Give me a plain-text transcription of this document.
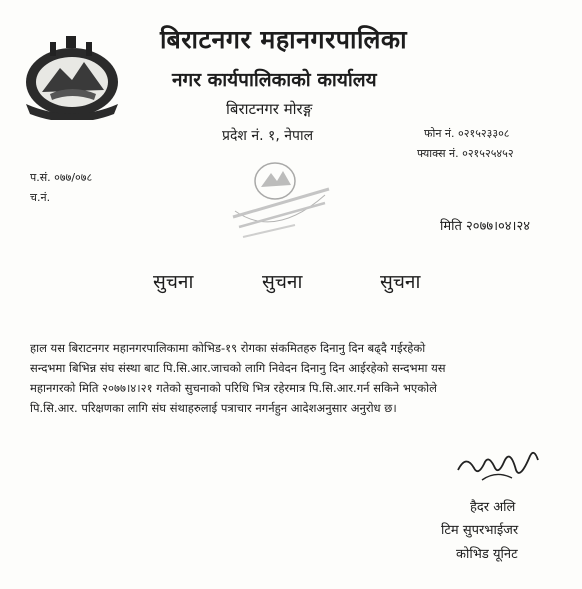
बिराटनगर महानगरपालिका
नगर कार्यपालिकाको कार्यालय
बिराटनगर मोरङ्ग
प्रदेश नं. १, नेपाल	फोन नं. ०२१५२३३०८
फ्याक्स नं. ०२१५२५४५२
प.सं. ०७७/०७८
च.नं.
मिति २०७७।०४।२४
सुचना	सुचना	सुचना
हाल यस बिराटनगर महानगरपालिकामा कोभिड-१९ रोगका संकमितहरु दिनानु दिन बढ्दै गईरहेको
सन्दभमा बिभिन्न संघ संस्था बाट पि.सि.आर.जाचको लागि निवेदन दिनानु दिन आईरहेको सन्दभमा यस
महानगरको मिति २०७७।४।२१ गतेको सुचनाको परिधि भित्र रहेरमात्र पि.सि.आर.गर्न सकिने भएकोले
पि.सि.आर. परिक्षणका लागि संघ संथाहरुलाई पत्राचार नगर्नहुन आदेशअनुसार अनुरोध छ।
हैदर अलि
टिम सुपरभाईजर
कोभिड यूनिट
